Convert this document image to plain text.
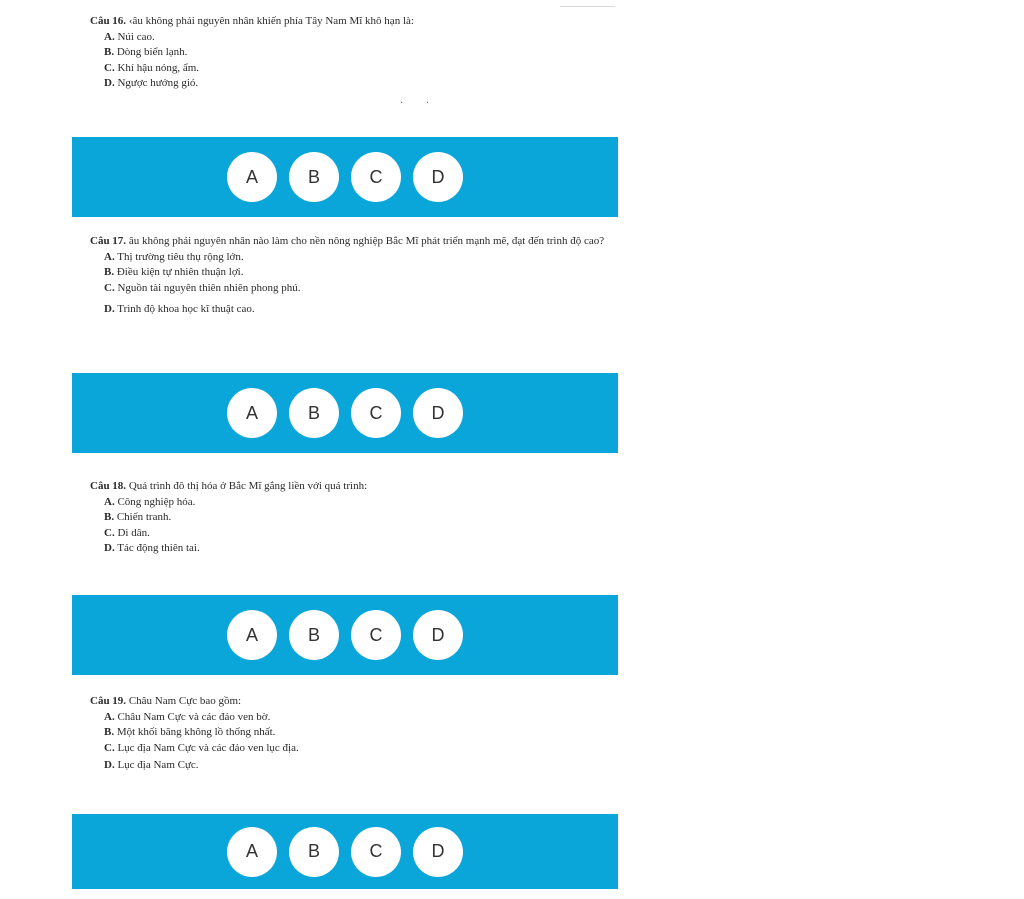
Câu 16. ‹âu không phải nguyên nhân khiến phía Tây Nam Mĩ khô hạn là:

A. Núi cao.
B. Dòng biển lạnh.
C. Khí hậu nóng, ẩm.
D. Ngược hướng gió.
·         ·
A	B	C	D

Câu 17. âu không phải nguyên nhân nào làm cho nền nông nghiệp Bắc Mĩ phát triển mạnh mẽ, đạt đến trình độ cao?

A. Thị trường tiêu thụ rộng lớn.
B. Điều kiện tự nhiên thuận lợi.
C. Nguồn tài nguyên thiên nhiên phong phú.
D. Trình độ khoa học kĩ thuật cao.
A	B	C	D

Câu 18. Quá trình đô thị hóa ở Bắc Mĩ gắng liền với quá trình:

A. Công nghiệp hóa.
B. Chiến tranh.
C. Di dân.
D. Tác động thiên tai.
A	B	C	D

Câu 19. Châu Nam Cực bao gồm:

A. Châu Nam Cực và các đảo ven bờ.
B. Một khối băng không lồ thống nhất.
C. Lục địa Nam Cực và các đảo ven lục địa.
D. Lục địa Nam Cực.
A	B	C	D
